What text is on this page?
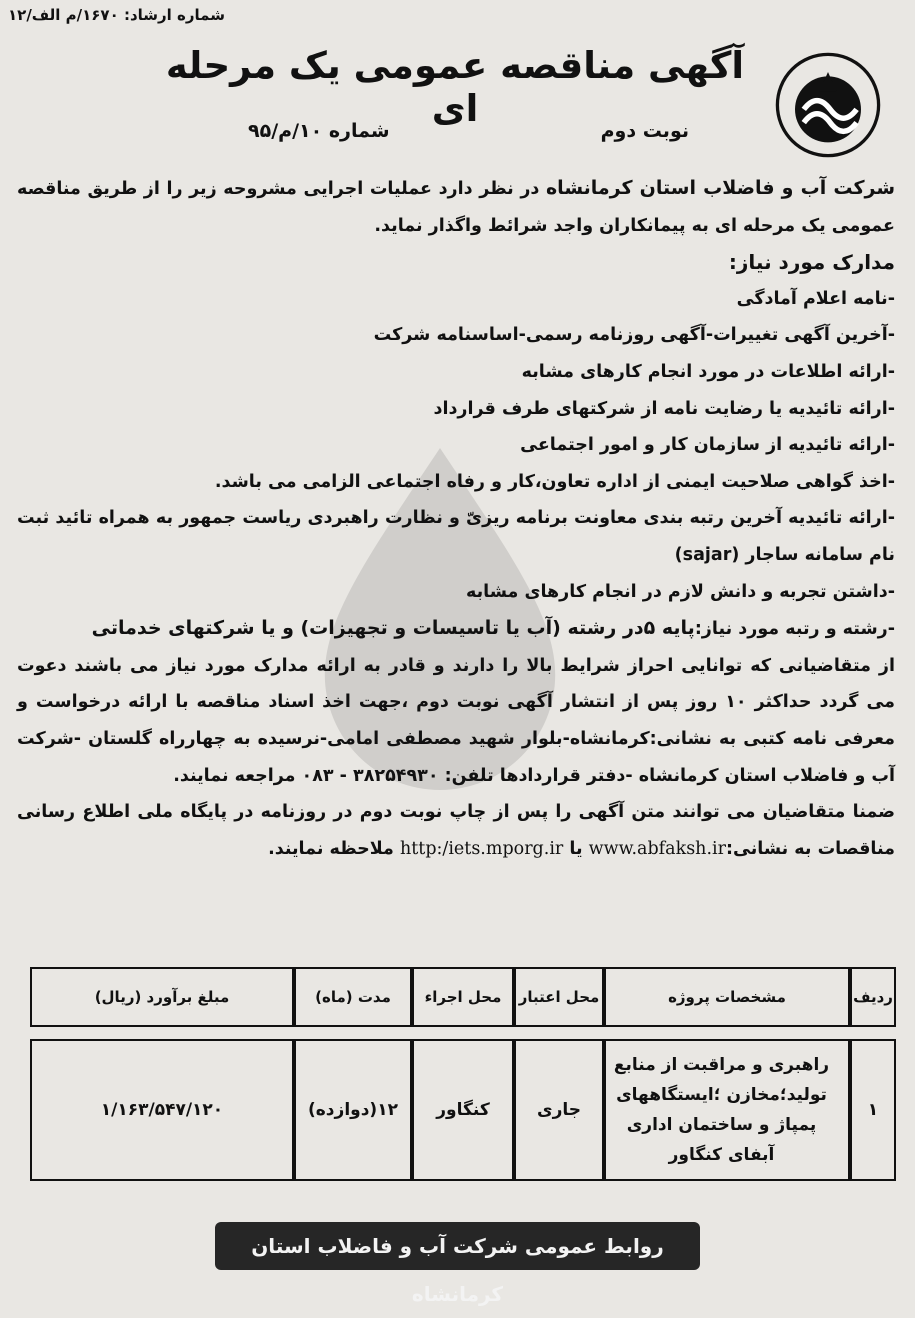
شماره ارشاد: ۱۶۷۰/م الف/۱۲
آگهی مناقصه عمومی یک مرحله ای
نوبت دوم
شماره ۱۰/م/۹۵

شرکت آب و فاضلاب استان کرمانشاه در نظر دارد عملیات اجرایی مشروحه زیر را از طریق مناقصه عمومی یک مرحله ای به پیمانکاران واجد شرائط واگذار نماید.

مدارک مورد نیاز:

-نامه اعلام آمادگی

-آخرین آگهی تغییرات-آگهی روزنامه رسمی-اساسنامه شرکت

-ارائه اطلاعات در مورد انجام کارهای مشابه

-ارائه تائیدیه یا رضایت نامه از شرکتهای طرف قرارداد

-ارائه تائیدیه از سازمان کار و امور اجتماعی

-اخذ گواهی صلاحیت ایمنی از اداره تعاون،کار و رفاه اجتماعی الزامی می باشد.

-ارائه تائیدیه آخرین رتبه بندی معاونت برنامه ریزیّ و نظارت راهبردی ریاست جمهور به همراه تائید ثبت نام سامانه ساجار (sajar)

-داشتن تجربه و دانش لازم در انجام کارهای مشابه

-رشته و رتبه مورد نیاز:پایه ۵در رشته (آب یا تاسیسات و تجهیزات) و یا شرکتهای خدماتی

از متقاضیانی که توانایی احراز شرایط بالا را دارند و قادر به ارائه مدارک مورد نیاز می باشند دعوت می گردد حداکثر ۱۰ روز پس از انتشار آگهی نوبت دوم ،جهت اخذ اسناد مناقصه با ارائه درخواست و معرفی نامه کتبی به نشانی:کرمانشاه-بلوار شهید مصطفی امامی-نرسیده به چهارراه گلستان -شرکت آب و فاضلاب استان کرمانشاه -دفتر قراردادها تلفن: ۳۸۲۵۴۹۳۰ - ۰۸۳ مراجعه نمایند.

ضمنا متقاضیان می توانند متن آگهی را پس از چاپ نوبت دوم در روزنامه در پایگاه ملی اطلاع رسانی مناقصات به نشانی:www.abfaksh.ir یا http:/iets.mporg.ir ملاحظه نمایند.

ردیف	مشخصات پروژه	محل اعتبار	محل اجراء	مدت (ماه)	مبلغ برآورد (ریال)
۱	راهبری و مراقبت از منابع تولید؛مخازن ؛ایستگاههای پمپاژ و ساختمان اداری آبفای کنگاور	جاری	کنگاور	۱۲(دوازده)	۱/۱۶۳/۵۴۷/۱۲۰
روابط عمومی شرکت آب و فاضلاب استان کرمانشاه
